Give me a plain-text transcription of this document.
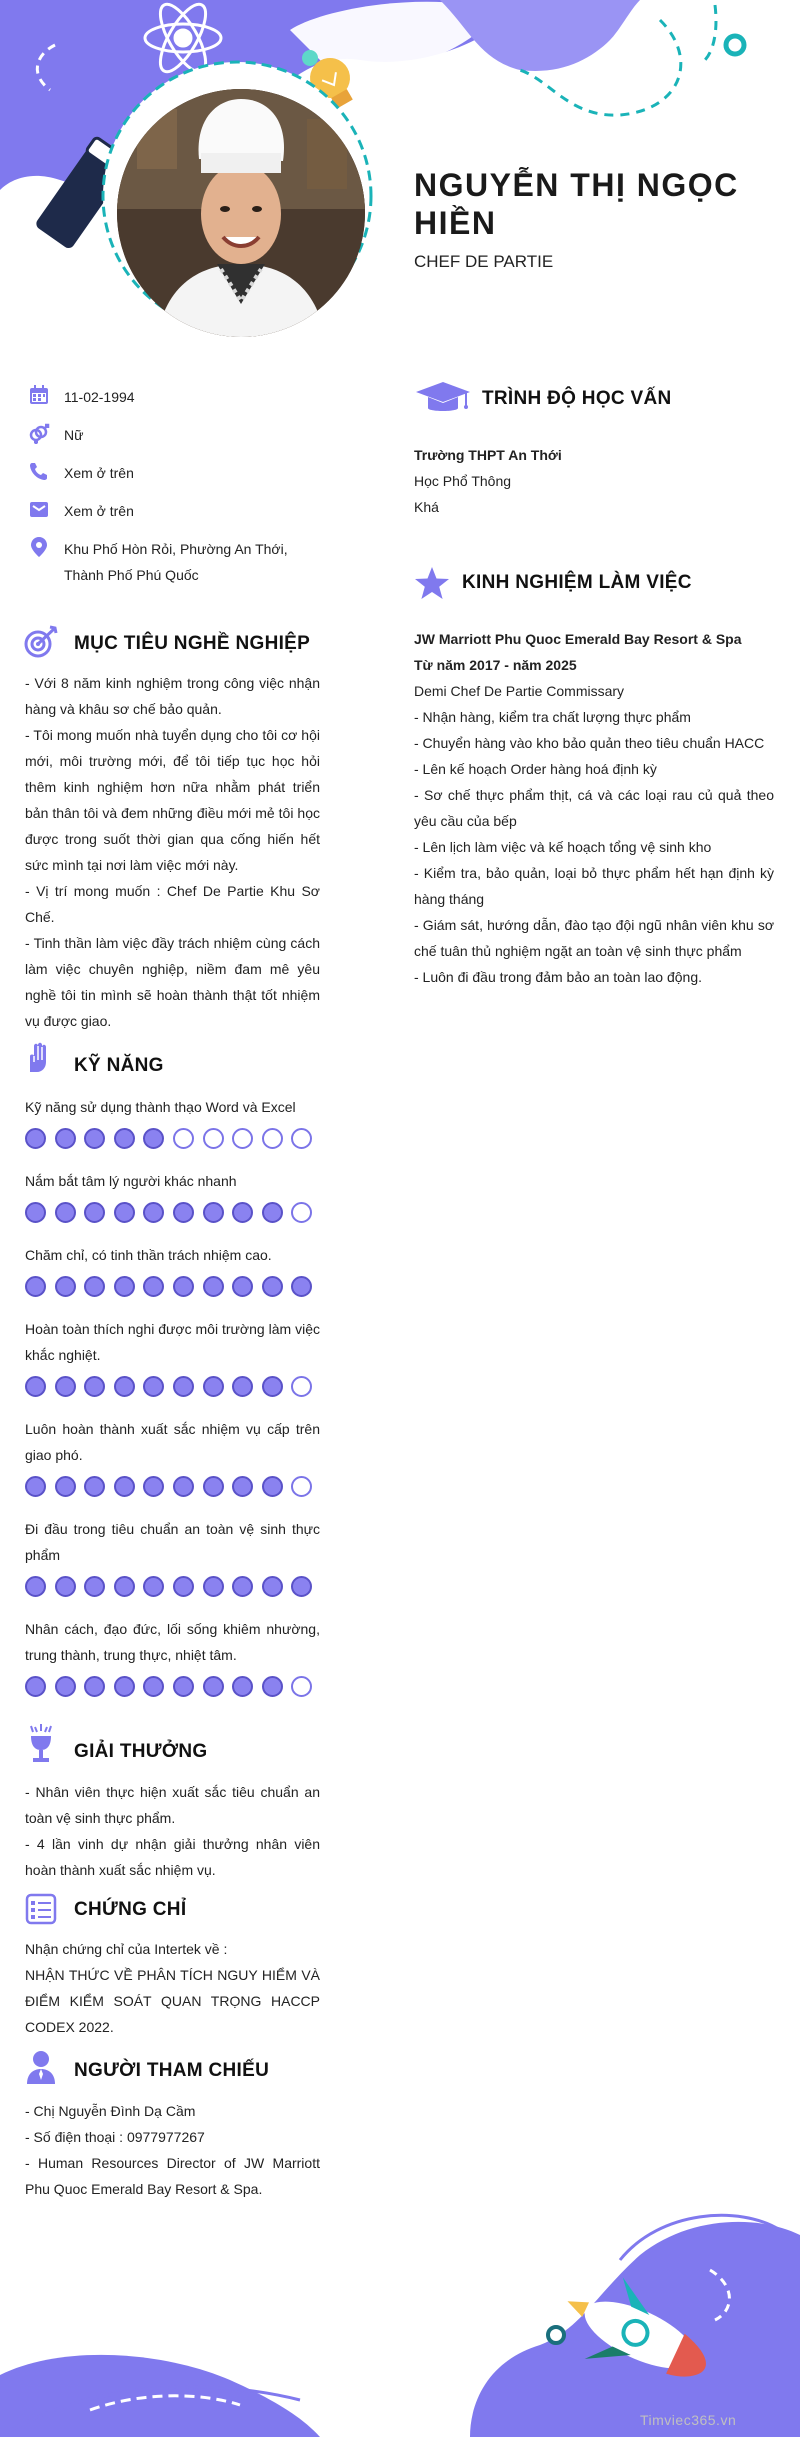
NGUYỄN THỊ NGỌC HIỀN
CHEF DE PARTIE
11-02-1994
Nữ
Xem ở trên
Xem ở trên
Khu Phố Hòn Rỏi, Phường An Thới, Thành Phố Phú Quốc
MỤC TIÊU NGHỀ NGHIỆP

- Với 8 năm kinh nghiệm trong công việc nhận hàng và khâu sơ chế bảo quản.

- Tôi mong muốn nhà tuyển dụng cho tôi cơ hội mới, môi trường mới, để tôi tiếp tục học hỏi thêm kinh nghiệm hơn nữa nhằm phát triển bản thân tôi và đem những điều mới mẻ tôi học được trong suốt thời gian qua cống hiến hết sức mình tại nơi làm việc mới này.

- Vị trí mong muốn : Chef De Partie Khu Sơ Chế.

- Tinh thần làm việc đầy trách nhiệm cùng cách làm việc chuyên nghiệp, niềm đam mê yêu nghề tôi tin mình sẽ hoàn thành thật tốt nhiệm vụ được giao.

KỸ NĂNG
Kỹ năng sử dụng thành thạo Word và Excel
Nắm bắt tâm lý người khác nhanh
Chăm chỉ, có tinh thần trách nhiệm cao.
Hoàn toàn thích nghi được môi trường làm việc khắc nghiệt.
Luôn hoàn thành xuất sắc nhiệm vụ cấp trên giao phó.
Đi đầu trong tiêu chuẩn an toàn vệ sinh thực phẩm
Nhân cách, đạo đức, lối sống khiêm nhường, trung thành, trung thực, nhiệt tâm.
GIẢI THƯỞNG

- Nhân viên thực hiện xuất sắc tiêu chuẩn an toàn vệ sinh thực phẩm.

- 4 lần vinh dự nhận giải thưởng nhân viên hoàn thành xuất sắc nhiệm vụ.

CHỨNG CHỈ

Nhận chứng chỉ của Intertek về :

NHẬN THỨC VỀ PHÂN TÍCH NGUY HIỂM VÀ ĐIỂM KIỂM SOÁT QUAN TRỌNG HACCP CODEX 2022.

NGƯỜI THAM CHIẾU

- Chị Nguyễn Đình Dạ Cầm

- Số điện thoại : 0977977267

- Human Resources Director of JW Marriott Phu Quoc Emerald Bay Resort & Spa.

TRÌNH ĐỘ HỌC VẤN
Trường THPT An Thới
Học Phổ Thông
Khá
KINH NGHIỆM LÀM VIỆC
JW Marriott Phu Quoc Emerald Bay Resort & Spa
Từ năm 2017 - năm 2025
Demi Chef De Partie Commissary

- Nhận hàng, kiểm tra chất lượng thực phẩm

- Chuyển hàng vào kho bảo quản theo tiêu chuẩn HACC

- Lên kế hoạch Order hàng hoá định kỳ

- Sơ chế thực phẩm thịt, cá và các loại rau củ quả theo yêu cầu của bếp

- Lên lịch làm việc và kế hoạch tổng vệ sinh kho

- Kiểm tra, bảo quản, loại bỏ thực phẩm hết hạn định kỳ hàng tháng

- Giám sát, hướng dẫn, đào tạo đội ngũ nhân viên khu sơ chế tuân thủ nghiệm ngặt an toàn vệ sinh thực phẩm

- Luôn đi đầu trong đảm bảo an toàn lao động.

Timviec365.vn
